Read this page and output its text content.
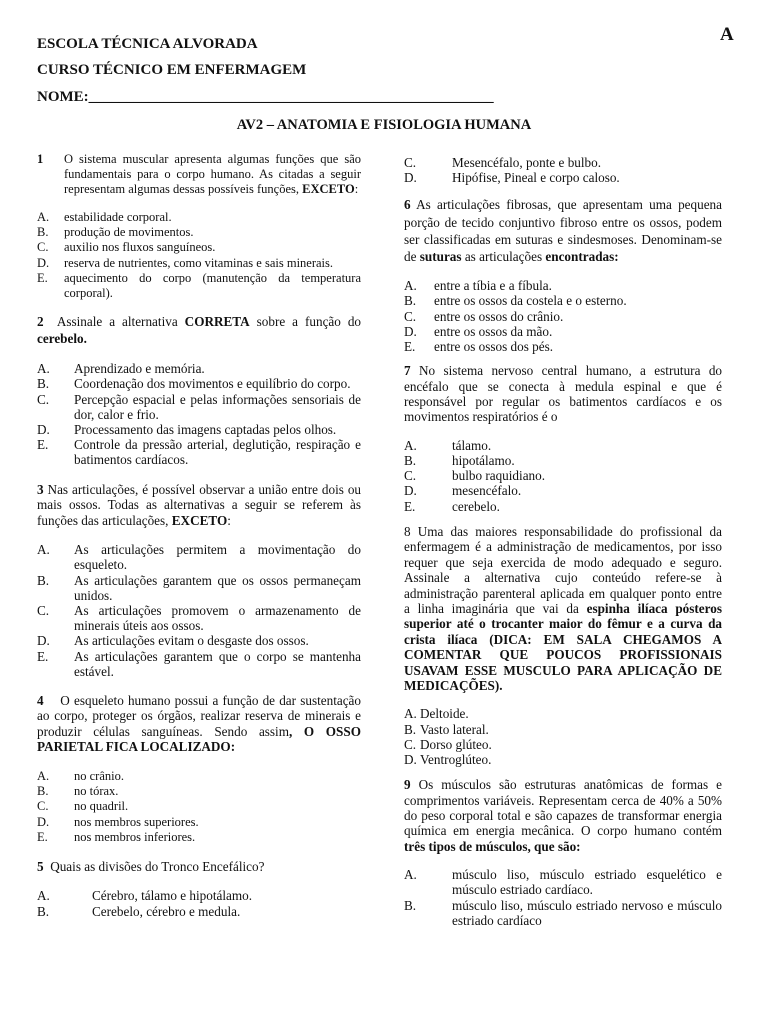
A
ESCOLA TÉCNICA ALVORADA
CURSO TÉCNICO EM ENFERMAGEM
NOME:______________________________________________________
AV2 – ANATOMIA E FISIOLOGIA HUMANA

1 O sistema muscular apresenta algumas funções que são fundamentais para o corpo humano. As citadas a seguir representam algumas dessas possíveis funções, EXCETO:

A. estabilidade corporal.
B. produção de movimentos.
C. auxilio nos fluxos sanguíneos.
D. reserva de nutrientes, como vitaminas e sais minerais.
E. aquecimento do corpo (manutenção da temperatura corporal).

2 Assinale a alternativa CORRETA sobre a função do cerebelo.

A. Aprendizado e memória.
B. Coordenação dos movimentos e equilíbrio do corpo.
C. Percepção espacial e pelas informações sensoriais de dor, calor e frio.
D. Processamento das imagens captadas pelos olhos.
E. Controle da pressão arterial, deglutição, respiração e batimentos cardíacos.

3 Nas articulações, é possível observar a união entre dois ou mais ossos. Todas as alternativas a seguir se referem às funções das articulações, EXCETO:

A. As articulações permitem a movimentação do esqueleto.
B. As articulações garantem que os ossos permaneçam unidos.
C. As articulações promovem o armazenamento de minerais úteis aos ossos.
D. As articulações evitam o desgaste dos ossos.
E. As articulações garantem que o corpo se mantenha estável.

4 O esqueleto humano possui a função de dar sustentação ao corpo, proteger os órgãos, realizar reserva de minerais e produzir células sanguíneas. Sendo assim, O OSSO PARIETAL FICA LOCALIZADO:

A. no crânio.
B. no tórax.
C. no quadril.
D. nos membros superiores.
E. nos membros inferiores.

5 Quais as divisões do Tronco Encefálico?

A.	Cérebro, tálamo e hipotálamo.
B.	Cerebelo, cérebro e medula.
C.	Mesencéfalo, ponte e bulbo.
D.	Hipófise, Pineal e corpo caloso.

6 As articulações fibrosas, que apresentam uma pequena porção de tecido conjuntivo fibroso entre os ossos, podem ser classificadas em suturas e sindesmoses. Denominam-se de suturas as articulações encontradas:

A. entre a tíbia e a fíbula.
B. entre os ossos da costela e o esterno.
C. entre os ossos do crânio.
D. entre os ossos da mão.
E. entre os ossos dos pés.

7 No sistema nervoso central humano, a estrutura do encéfalo que se conecta à medula espinal e que é responsável por regular os batimentos cardíacos e os movimentos respiratórios é o

A.	tálamo.
B.	hipotálamo.
C.	bulbo raquidiano.
D.	mesencéfalo.
E.	cerebelo.

8 Uma das maiores responsabilidade do profissional da enfermagem é a administração de medicamentos, por isso requer que seja exercida de modo adequado e seguro. Assinale a alternativa cujo conteúdo refere-se à administração parenteral aplicada em qualquer ponto entre a linha imaginária que vai da espinha ilíaca pósteros superior até o trocanter maior do fêmur e a curva da crista ilíaca (DICA: EM SALA CHEGAMOS A COMENTAR QUE POUCOS PROFISSIONAIS USAVAM ESSE MUSCULO PARA APLICAÇÃO DE MEDICAÇÕES).

A. Deltoide.
B. Vasto lateral.
C. Dorso glúteo.
D. Ventroglúteo.

9 Os músculos são estruturas anatômicas de formas e comprimentos variáveis. Representam cerca de 40% a 50% do peso corporal total e são capazes de transformar energia química em energia mecânica. O corpo humano contém três tipos de músculos, que são:

A.	músculo liso, músculo estriado esquelético e músculo estriado cardíaco.
B.	músculo liso, músculo estriado nervoso e músculo estriado cardíaco
